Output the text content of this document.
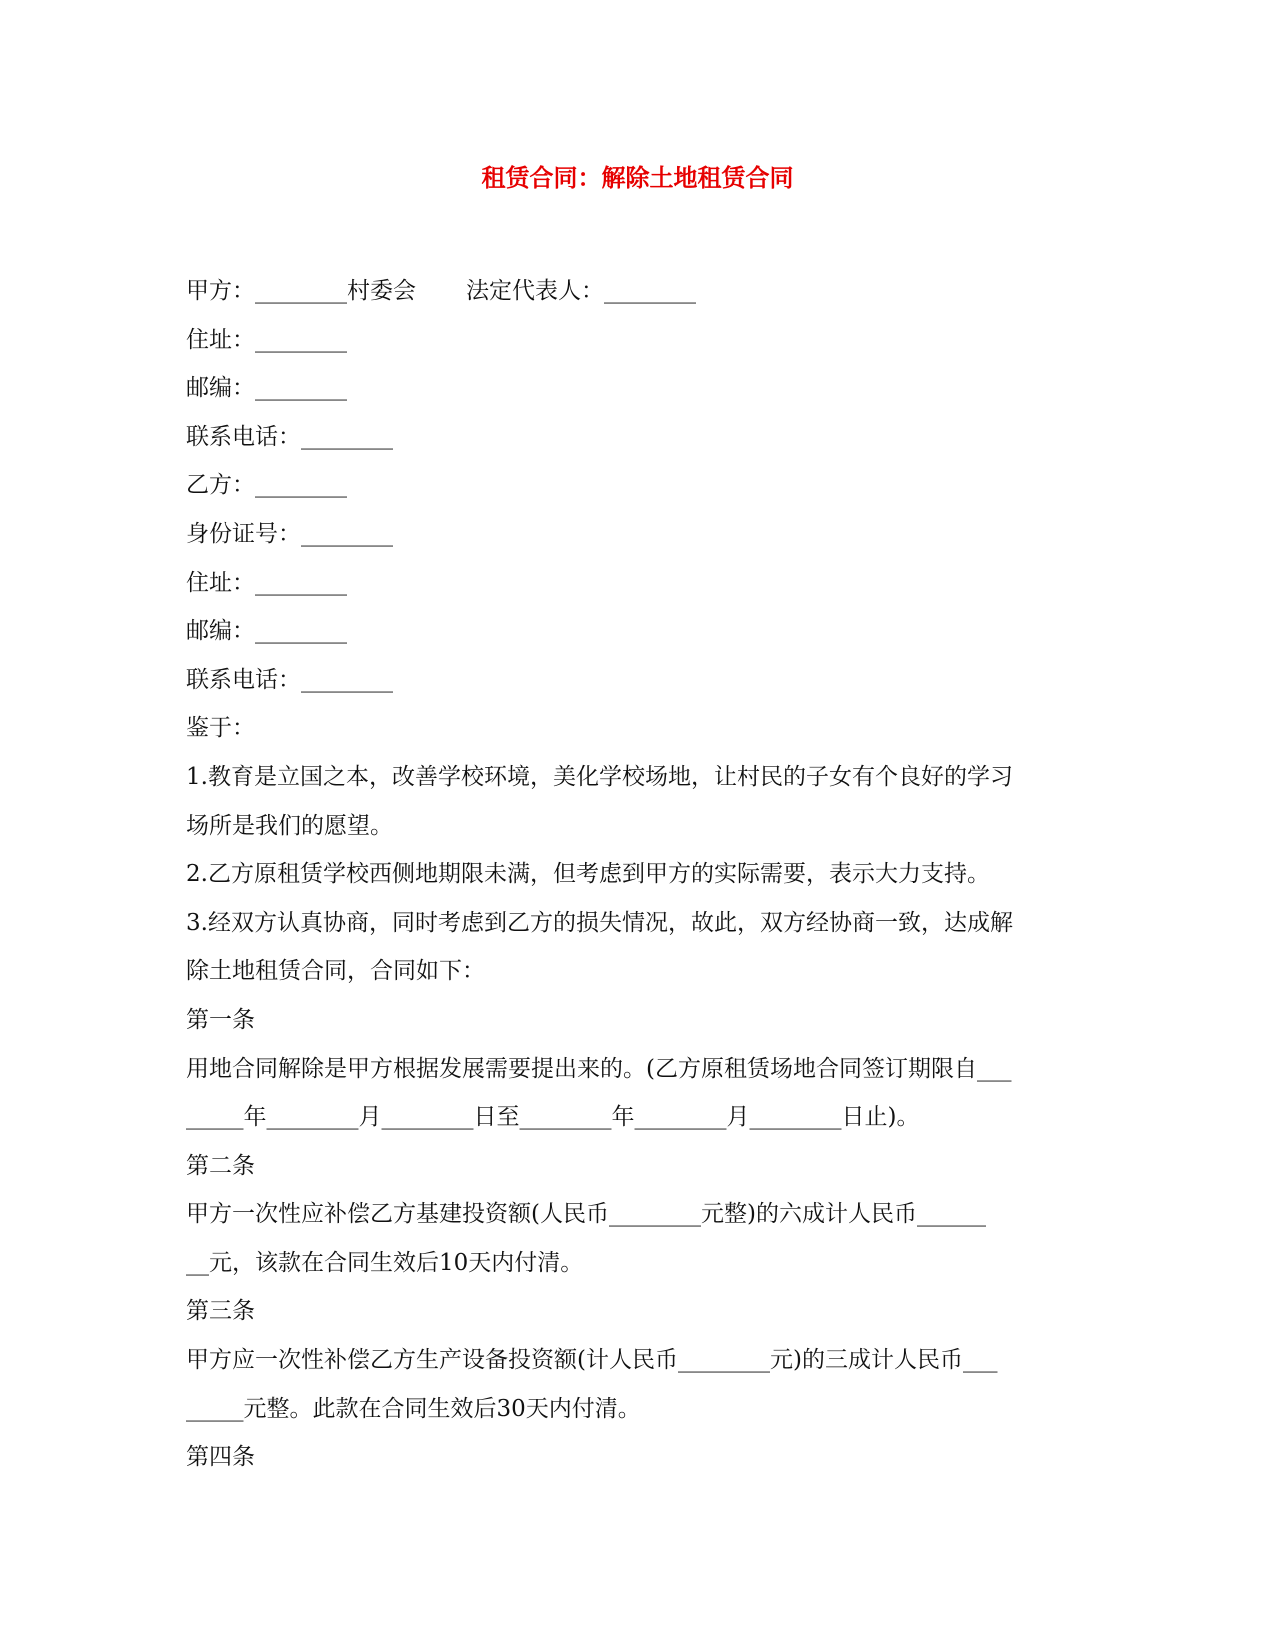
租赁合同：解除土地租赁合同
甲方：________村委会 法定代表人：________
住址：________
邮编：________
联系电话：________
乙方：________
身份证号：________
住址：________
邮编：________
联系电话：________
鉴于：
1.教育是立国之本，改善学校环境，美化学校场地，让村民的子女有个良好的学习
场所是我们的愿望。
2.乙方原租赁学校西侧地期限未满，但考虑到甲方的实际需要，表示大力支持。
3.经双方认真协商，同时考虑到乙方的损失情况，故此，双方经协商一致，达成解
除土地租赁合同，合同如下：
第一条
用地合同解除是甲方根据发展需要提出来的。(乙方原租赁场地合同签订期限自___
_____年________月________日至________年________月________日止)。
第二条
甲方一次性应补偿乙方基建投资额(人民币________元整)的六成计人民币______
__元，该款在合同生效后10天内付清。
第三条
甲方应一次性补偿乙方生产设备投资额(计人民币________元)的三成计人民币___
_____元整。此款在合同生效后30天内付清。
第四条
